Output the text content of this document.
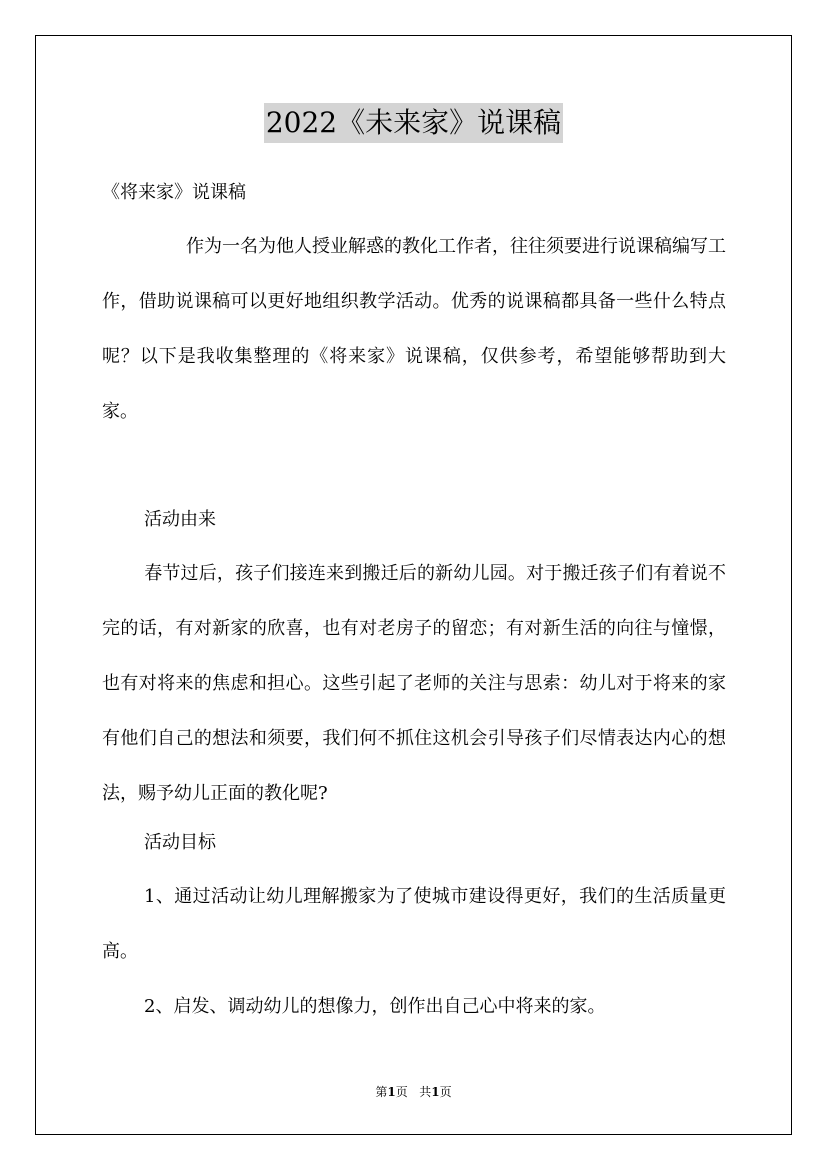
2022《未来家》说课稿
《将来家》说课稿

作为一名为他人授业解惑的教化工作者，往往须要进行说课稿编写工作，借助说课稿可以更好地组织教学活动。优秀的说课稿都具备一些什么特点呢？以下是我收集整理的《将来家》说课稿，仅供参考，希望能够帮助到大家。

活动由来

春节过后，孩子们接连来到搬迁后的新幼儿园。对于搬迁孩子们有着说不完的话，有对新家的欣喜，也有对老房子的留恋；有对新生活的向往与憧憬，也有对将来的焦虑和担心。这些引起了老师的关注与思索：幼儿对于将来的家有他们自己的想法和须要，我们何不抓住这机会引导孩子们尽情表达内心的想法，赐予幼儿正面的教化呢?

活动目标

1、通过活动让幼儿理解搬家为了使城市建设得更好，我们的生活质量更高。

2、启发、调动幼儿的想像力，创作出自己心中将来的家。

第1页 共1页
